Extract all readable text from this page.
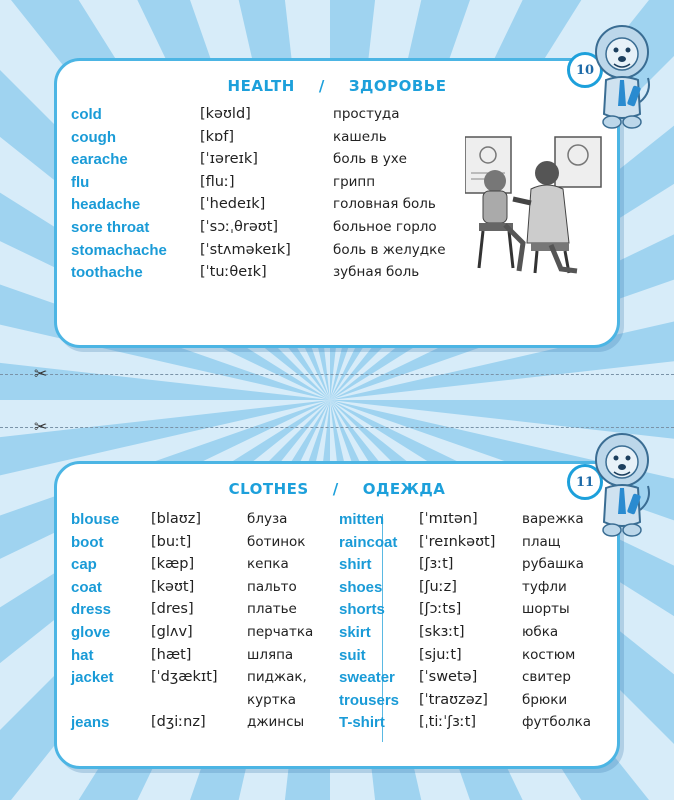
✂
✂
HEALTH / ЗДОРОВЬЕ
cold	[kəʊld]	простуда
cough	[kɒf]	кашель
earache	[ˈɪəreɪk]	боль в ухе
flu	[fluː]	грипп
headache	[ˈhedeɪk]	головная боль
sore throat	[ˈsɔːˌθrəʊt]	больное горло
stomachache [ˈstʌməkeɪk]	боль в желудке
toothache	[ˈtuːθeɪk]	зубная боль
10
CLOTHES / ОДЕЖДА
blouse [blaʊz]	блуза
boot	[buːt]	ботинок
cap	[kæp]	кепка
coat	[kəʊt]	пальто
dress	[dres]	платье
glove	[glʌv]	перчатка
hat	[hæt]	шляпа
jacket	[ˈdʒækɪt] пиджак,
куртка
jeans	[dʒiːnz]	джинсы
mitten [ˈmɪtən]	варежка
raincoat [ˈreɪnkəʊt] плащ
shirt	[ʃɜːt]	рубашка
shoes	[ʃuːz]	туфли
shorts [ʃɔːts]	шорты
skirt	[skɜːt]	юбка
suit	[sjuːt]	костюм
sweater [ˈswetə]	свитер
trousers [ˈtraʊzəz]	брюки
T-shirt [ˌtiːˈʃɜːt]	футболка
11
